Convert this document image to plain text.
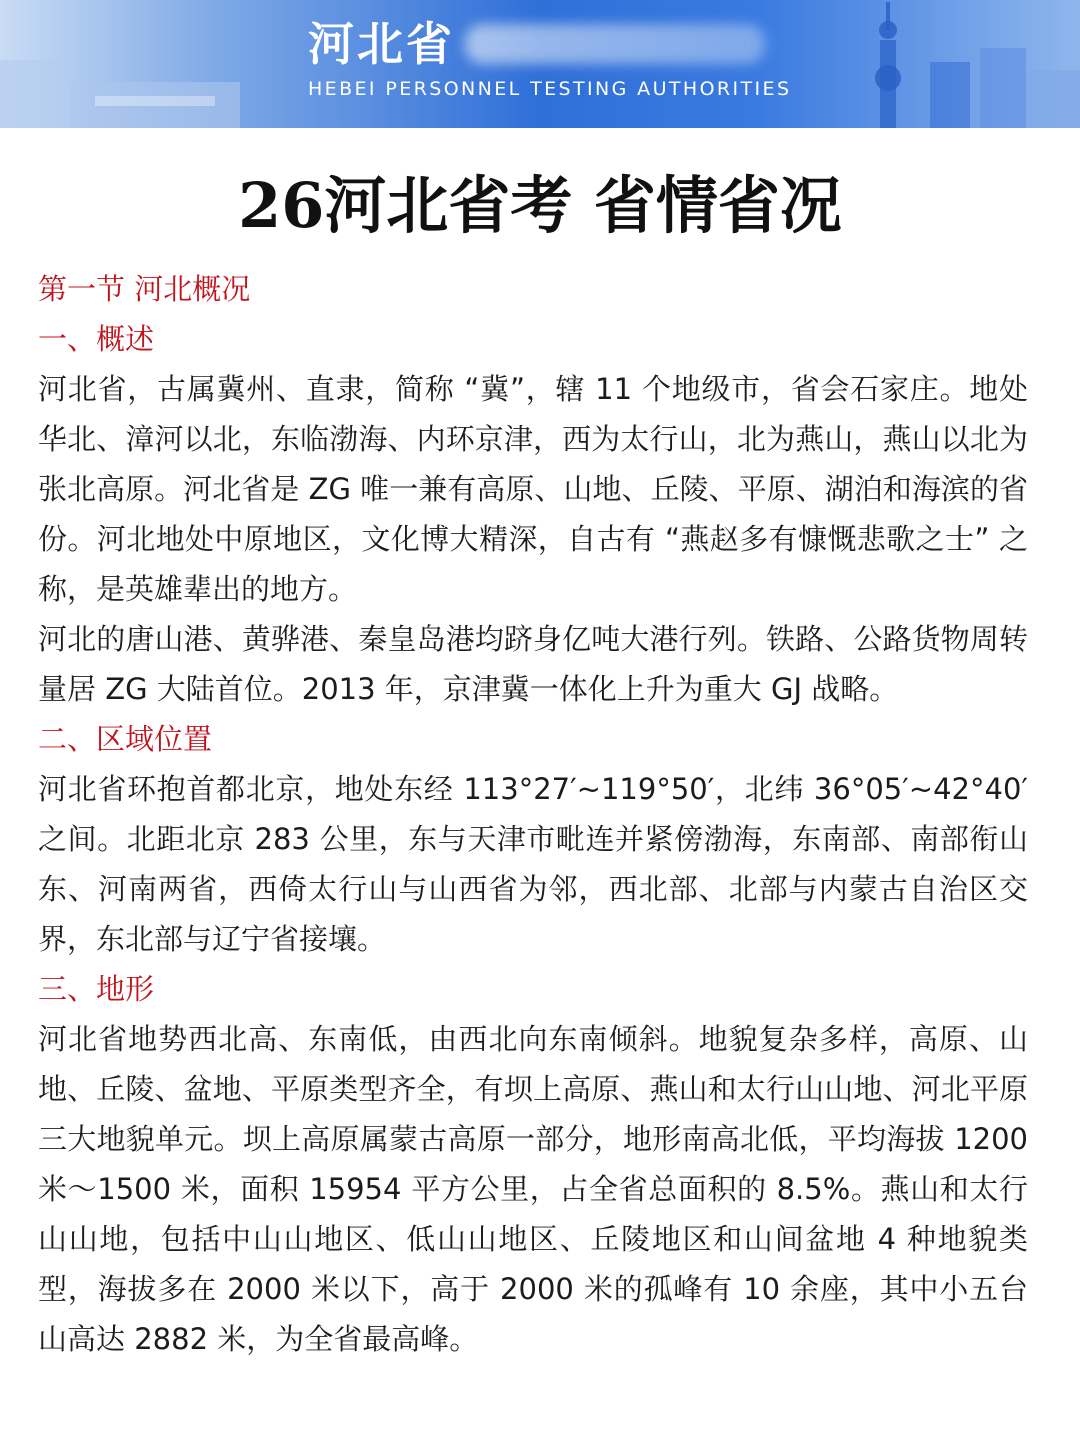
河北省
HEBEI PERSONNEL TESTING AUTHORITIES
26河北省考 省情省况
第一节 河北概况
一、概述

河北省，古属冀州、直隶，简称 “冀”，辖 11 个地级市，省会石家庄。地处华北、漳河以北，东临渤海、内环京津，西为太行山，北为燕山，燕山以北为张北高原。河北省是 ZG 唯一兼有高原、山地、丘陵、平原、湖泊和海滨的省份。河北地处中原地区，文化博大精深，自古有 “燕赵多有慷慨悲歌之士” 之称，是英雄辈出的地方。

河北的唐山港、黄骅港、秦皇岛港均跻身亿吨大港行列。铁路、公路货物周转量居 ZG 大陆首位。2013 年，京津冀一体化上升为重大 GJ 战略。

二、区域位置

河北省环抱首都北京，地处东经 113°27′~119°50′，北纬 36°05′~42°40′之间。北距北京 283 公里，东与天津市毗连并紧傍渤海，东南部、南部衔山东、河南两省，西倚太行山与山西省为邻，西北部、北部与内蒙古自治区交界，东北部与辽宁省接壤。

三、地形

河北省地势西北高、东南低，由西北向东南倾斜。地貌复杂多样，高原、山地、丘陵、盆地、平原类型齐全，有坝上高原、燕山和太行山山地、河北平原三大地貌单元。坝上高原属蒙古高原一部分，地形南高北低，平均海拔 1200 米～1500 米，面积 15954 平方公里，占全省总面积的 8.5%。燕山和太行山山地，包括中山山地区、低山山地区、丘陵地区和山间盆地 4 种地貌类型，海拔多在 2000 米以下，高于 2000 米的孤峰有 10 余座，其中小五台山高达 2882 米，为全省最高峰。
